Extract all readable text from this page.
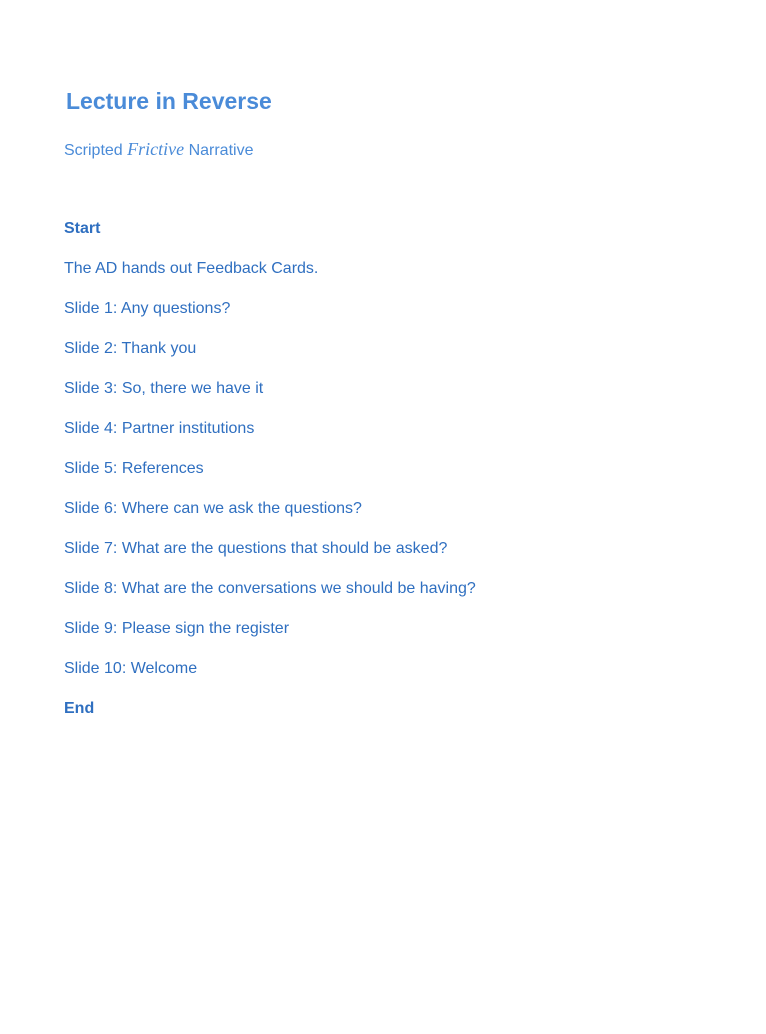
Lecture in Reverse

Scripted Frictive Narrative

Start
The AD hands out Feedback Cards.
Slide 1: Any questions?
Slide 2: Thank you
Slide 3: So, there we have it
Slide 4: Partner institutions
Slide 5: References
Slide 6: Where can we ask the questions?
Slide 7: What are the questions that should be asked?
Slide 8: What are the conversations we should be having?
Slide 9: Please sign the register
Slide 10: Welcome
End
